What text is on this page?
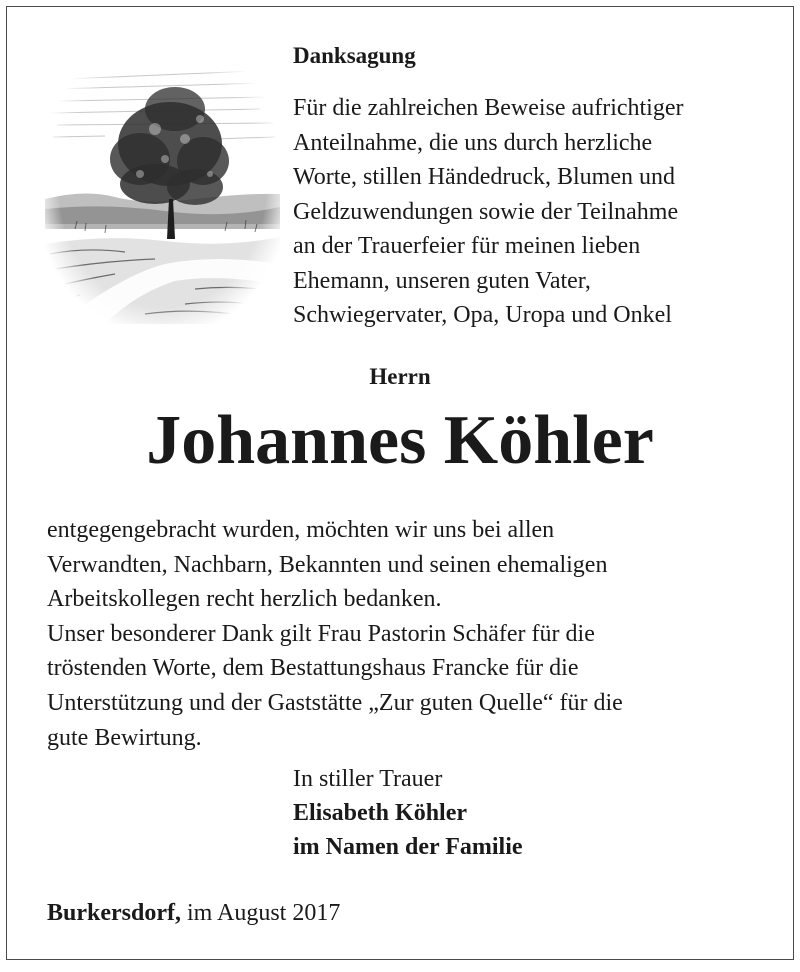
Danksagung
Für die zahlreichen Beweise aufrichtiger
Anteilnahme, die uns durch herzliche
Worte, stillen Händedruck, Blumen und
Geldzuwendungen sowie der Teilnahme
an der Trauerfeier für meinen lieben
Ehemann, unseren guten Vater,
Schwiegervater, Opa, Uropa und Onkel
Herrn
Johannes Köhler
entgegengebracht wurden, möchten wir uns bei allen
Verwandten, Nachbarn, Bekannten und seinen ehemaligen
Arbeitskollegen recht herzlich bedanken.
Unser besonderer Dank gilt Frau Pastorin Schäfer für die
tröstenden Worte, dem Bestattungshaus Francke für die
Unterstützung und der Gaststätte „Zur guten Quelle“ für die
gute Bewirtung.
In stiller Trauer
Elisabeth Köhler
im Namen der Familie
Burkersdorf, im August 2017
